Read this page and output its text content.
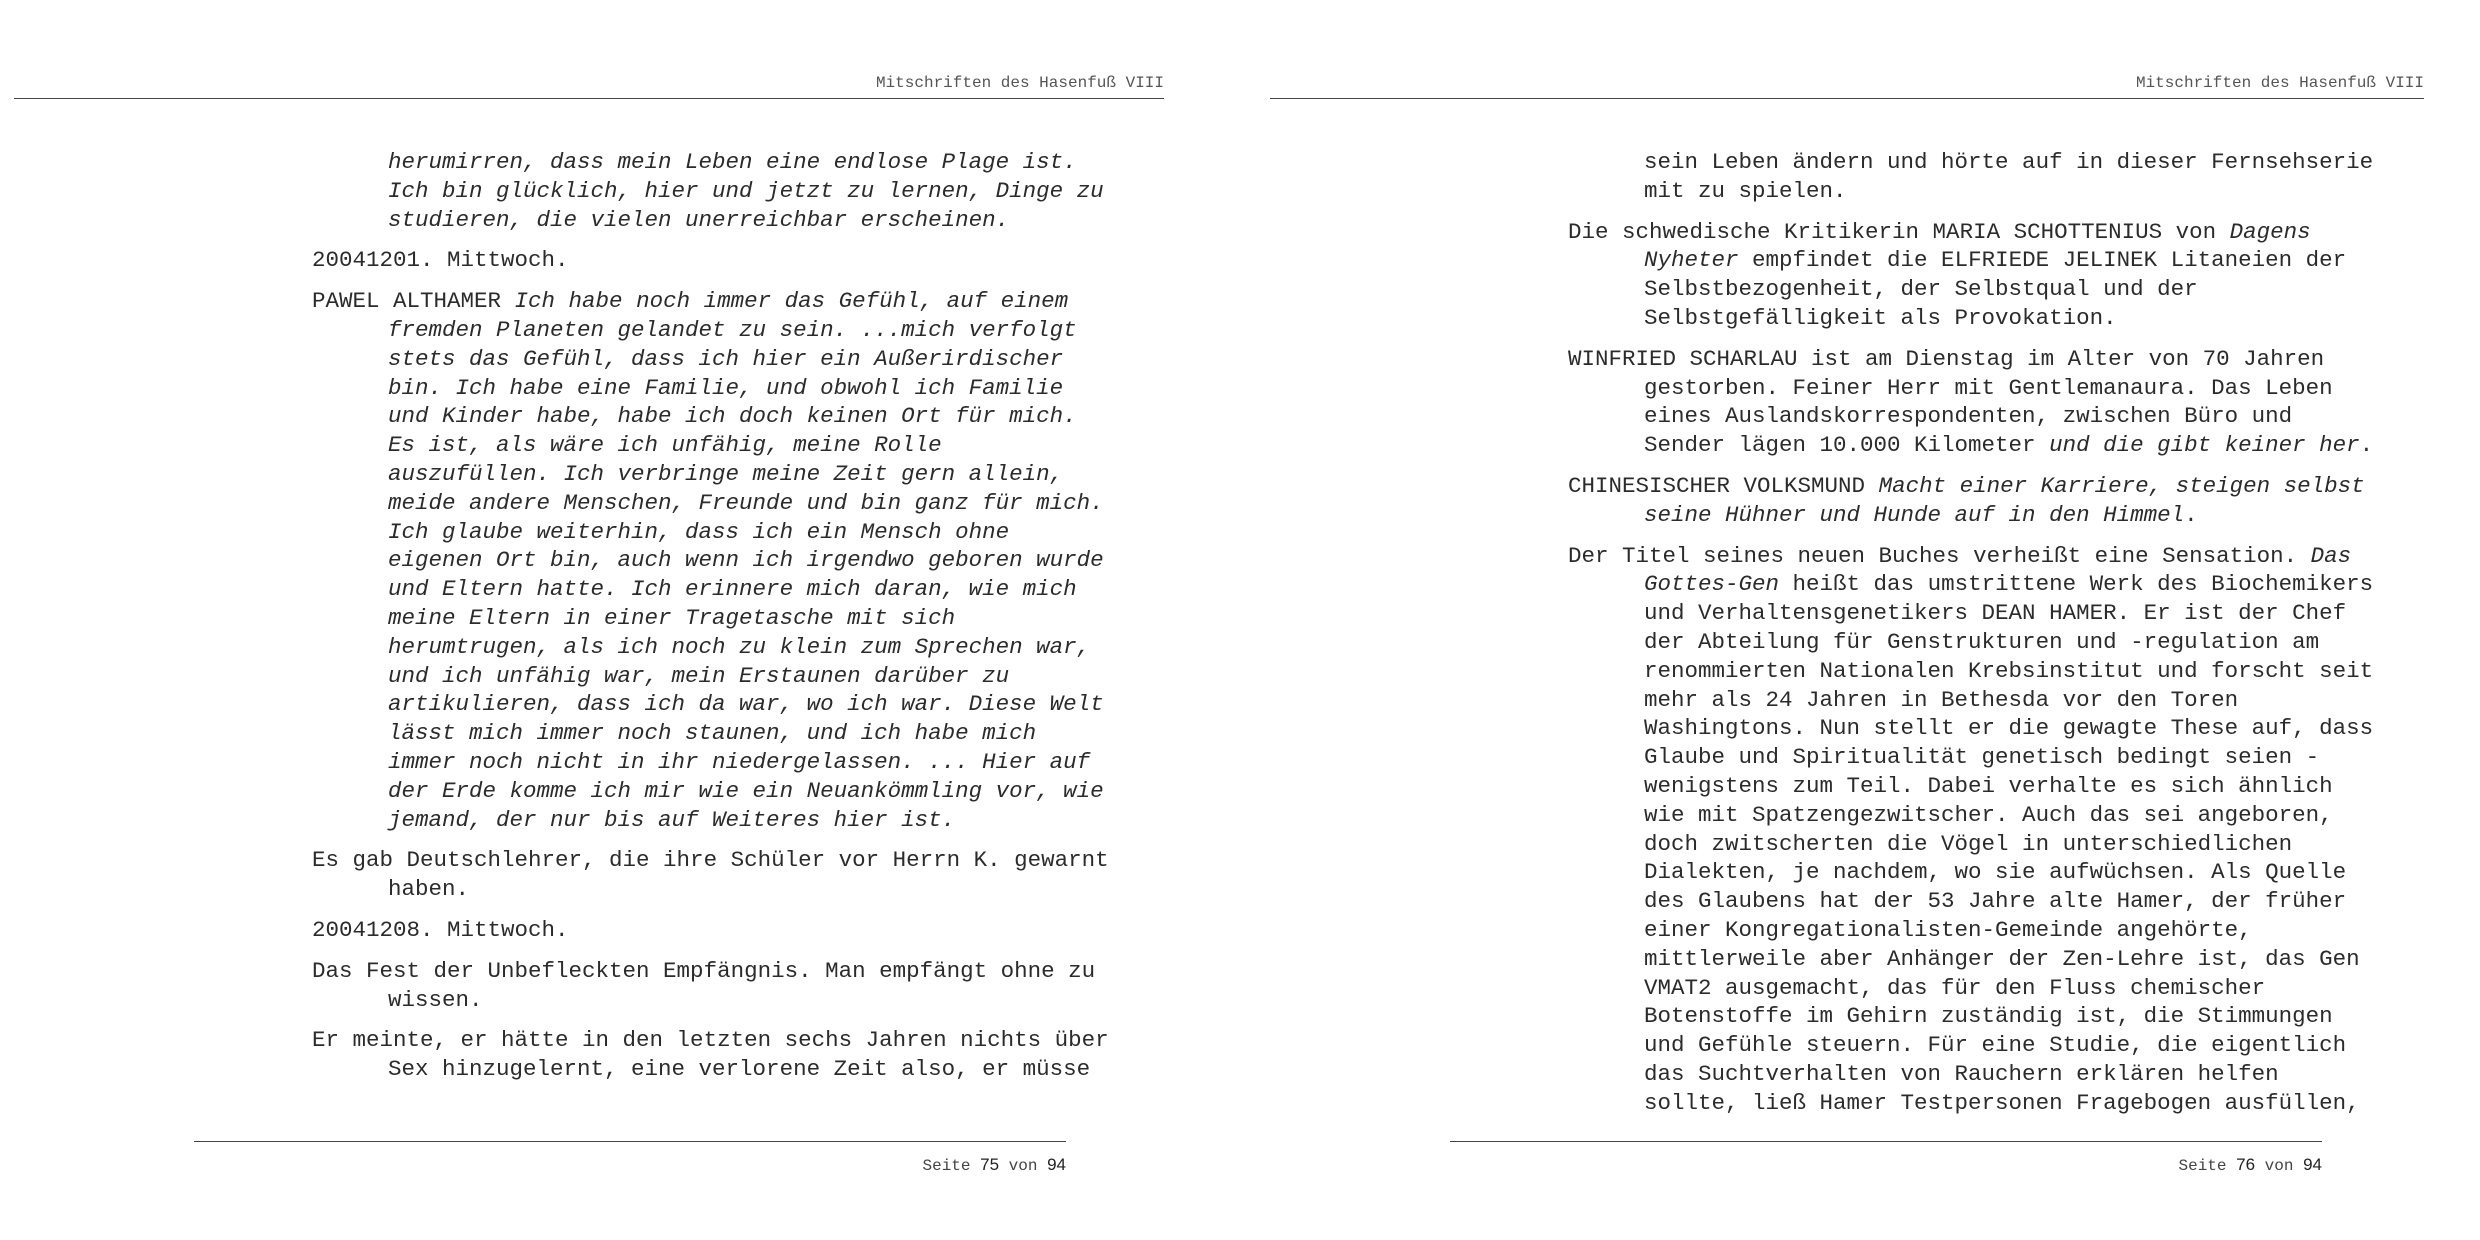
Mitschriften des Hasenfuß VIII

herumirren, dass mein Leben eine endlose Plage ist. Ich bin glücklich, hier und jetzt zu lernen, Dinge zu studieren, die vielen unerreichbar erscheinen.

20041201. Mittwoch.

PAWEL ALTHAMER Ich habe noch immer das Gefühl, auf einem fremden Planeten gelandet zu sein. ...mich verfolgt stets das Gefühl, dass ich hier ein Außerirdischer bin. Ich habe eine Familie, und obwohl ich Familie und Kinder habe, habe ich doch keinen Ort für mich. Es ist, als wäre ich unfähig, meine Rolle auszufüllen. Ich verbringe meine Zeit gern allein, meide andere Menschen, Freunde und bin ganz für mich. Ich glaube weiterhin, dass ich ein Mensch ohne eigenen Ort bin, auch wenn ich irgendwo geboren wurde und Eltern hatte. Ich erinnere mich daran, wie mich meine Eltern in einer Tragetasche mit sich herumtrugen, als ich noch zu klein zum Sprechen war, und ich unfähig war, mein Erstaunen darüber zu artikulieren, dass ich da war, wo ich war. Diese Welt lässt mich immer noch staunen, und ich habe mich immer noch nicht in ihr niedergelassen. ... Hier auf der Erde komme ich mir wie ein Neuankömmling vor, wie jemand, der nur bis auf Weiteres hier ist.

Es gab Deutschlehrer, die ihre Schüler vor Herrn K. gewarnt haben.

20041208. Mittwoch.

Das Fest der Unbefleckten Empfängnis. Man empfängt ohne zu wissen.

Er meinte, er hätte in den letzten sechs Jahren nichts über Sex hinzugelernt, eine verlorene Zeit also, er müsse

Seite 75 von 94
Mitschriften des Hasenfuß VIII

sein Leben ändern und hörte auf in dieser Fernsehserie mit zu spielen.

Die schwedische Kritikerin MARIA SCHOTTENIUS von Dagens Nyheter empfindet die ELFRIEDE JELINEK Litaneien der Selbstbezogenheit, der Selbstqual und der Selbstgefälligkeit als Provokation.

WINFRIED SCHARLAU ist am Dienstag im Alter von 70 Jahren gestorben. Feiner Herr mit Gentlemanaura. Das Leben eines Auslandskorrespondenten, zwischen Büro und Sender lägen 10.000 Kilometer und die gibt keiner her.

CHINESISCHER VOLKSMUND Macht einer Karriere, steigen selbst seine Hühner und Hunde auf in den Himmel.

Der Titel seines neuen Buches verheißt eine Sensation. Das Gottes-Gen heißt das umstrittene Werk des Biochemikers und Verhaltensgenetikers DEAN HAMER. Er ist der Chef der Abteilung für Genstrukturen und -regulation am renommierten Nationalen Krebsinstitut und forscht seit mehr als 24 Jahren in Bethesda vor den Toren Washingtons. Nun stellt er die gewagte These auf, dass Glaube und Spiritualität genetisch bedingt seien - wenigstens zum Teil. Dabei verhalte es sich ähnlich wie mit Spatzengezwitscher. Auch das sei angeboren, doch zwitscherten die Vögel in unterschiedlichen Dialekten, je nachdem, wo sie aufwüchsen. Als Quelle des Glaubens hat der 53 Jahre alte Hamer, der früher einer Kongregationalisten-Gemeinde angehörte, mittlerweile aber Anhänger der Zen-Lehre ist, das Gen VMAT2 ausgemacht, das für den Fluss chemischer Botenstoffe im Gehirn zuständig ist, die Stimmungen und Gefühle steuern. Für eine Studie, die eigentlich das Suchtverhalten von Rauchern erklären helfen sollte, ließ Hamer Testpersonen Fragebogen ausfüllen,

Seite 76 von 94
